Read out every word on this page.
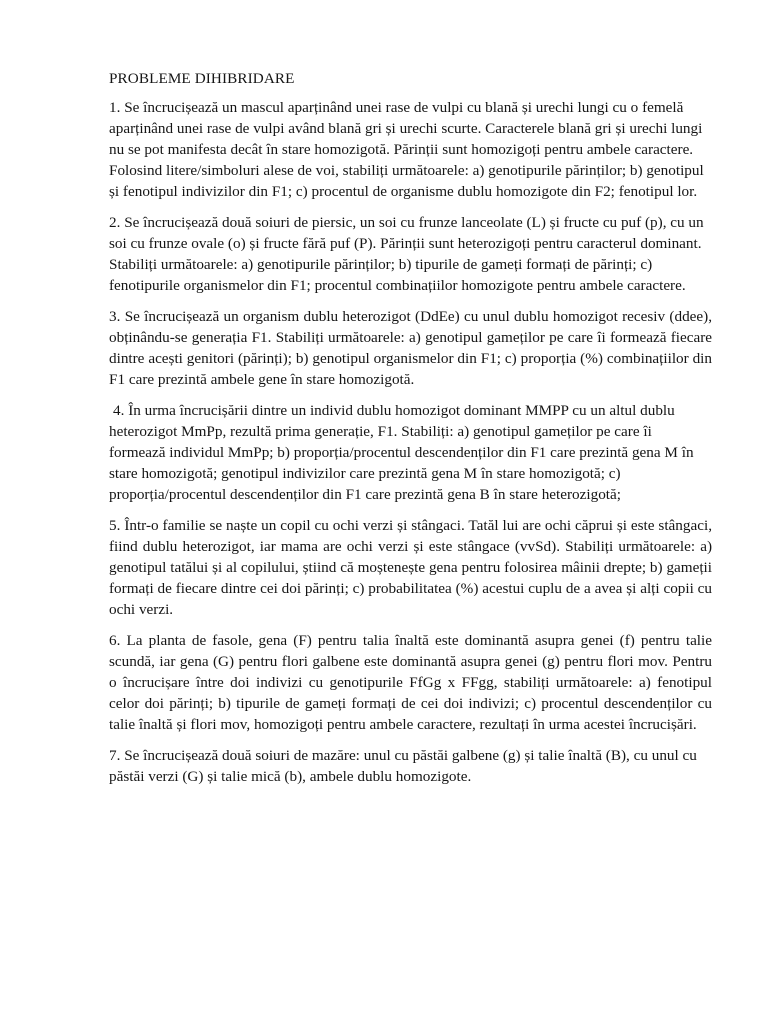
PROBLEME DIHIBRIDARE

1. Se încrucișează un mascul aparținând unei rase de vulpi cu blană și urechi lungi cu o femelă aparținând unei rase de vulpi având blană gri și urechi scurte. Caracterele blană gri și urechi lungi nu se pot manifesta decât în stare homozigotă. Părinții sunt homozigoți pentru ambele caractere. Folosind litere/simboluri alese de voi, stabiliți următoarele: a) genotipurile părinților; b) genotipul și fenotipul indivizilor din F1; c) procentul de organisme dublu homozigote din F2; fenotipul lor.

2. Se încrucișează două soiuri de piersic, un soi cu frunze lanceolate (L) și fructe cu puf (p), cu un soi cu frunze ovale (o) și fructe fără puf (P). Părinții sunt heterozigoți pentru caracterul dominant. Stabiliți următoarele: a) genotipurile părinților; b) tipurile de gameți formați de părinți; c) fenotipurile organismelor din F1; procentul combinațiilor homozigote pentru ambele caractere.

3. Se încrucișează un organism dublu heterozigot (DdEe) cu unul dublu homozigot recesiv (ddee), obținându-se generația F1. Stabiliți următoarele: a) genotipul gameților pe care îi formează fiecare dintre acești genitori (părinți); b) genotipul organismelor din F1; c) proporția (%) combinațiilor din F1 care prezintă ambele gene în stare homozigotă.

4. În urma încrucișării dintre un individ dublu homozigot dominant MMPP cu un altul dublu heterozigot MmPp, rezultă prima generație, F1. Stabiliți: a) genotipul gameților pe care îi formează individul MmPp; b) proporția/procentul descendenților din F1 care prezintă gena M în stare homozigotă; genotipul indivizilor care prezintă gena M în stare homozigotă; c) proporția/procentul descendenților din F1 care prezintă gena B în stare heterozigotă;

5. Într-o familie se naște un copil cu ochi verzi și stângaci. Tatăl lui are ochi căprui și este stângaci, fiind dublu heterozigot, iar mama are ochi verzi și este stângace (vvSd). Stabiliți următoarele: a) genotipul tatălui și al copilului, știind că moștenește gena pentru folosirea mâinii drepte; b) gameții formați de fiecare dintre cei doi părinți; c) probabilitatea (%) acestui cuplu de a avea și alți copii cu ochi verzi.

6. La planta de fasole, gena (F) pentru talia înaltă este dominantă asupra genei (f) pentru talie scundă, iar gena (G) pentru flori galbene este dominantă asupra genei (g) pentru flori mov. Pentru o încrucișare între doi indivizi cu genotipurile FfGg x FFgg, stabiliți următoarele: a) fenotipul celor doi părinți; b) tipurile de gameți formați de cei doi indivizi; c) procentul descendenților cu talie înaltă și flori mov, homozigoți pentru ambele caractere, rezultați în urma acestei încrucișări.

7. Se încrucișează două soiuri de mazăre: unul cu păstăi galbene (g) și talie înaltă (B), cu unul cu păstăi verzi (G) și talie mică (b), ambele dublu homozigote.
